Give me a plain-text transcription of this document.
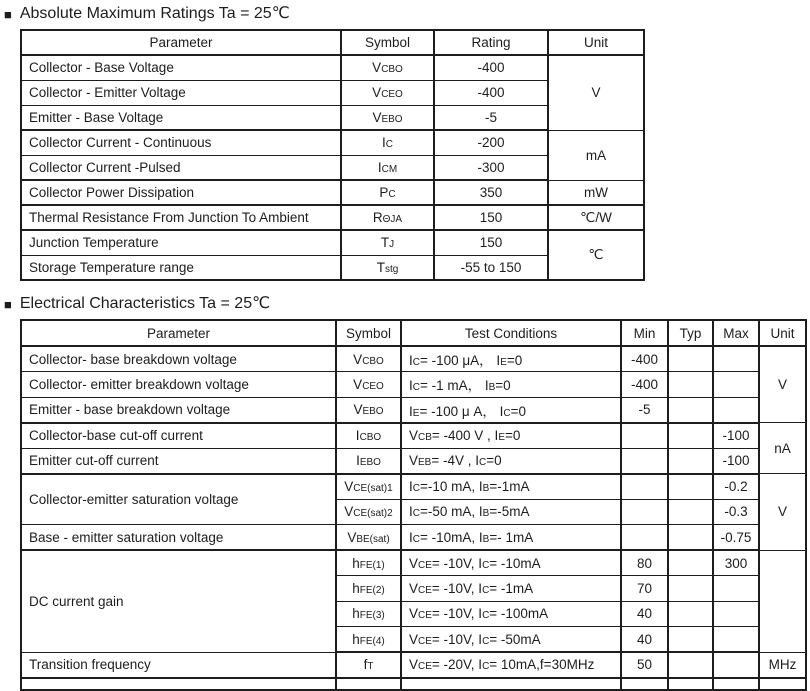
■ Absolute Maximum Ratings Ta = 25℃
Parameter	Symbol	Rating	Unit
Collector - Base Voltage	VCBO	-400	V
Collector - Emitter Voltage	VCEO	-400	
Emitter - Base Voltage	VEBO	-5	
Collector Current - Continuous	IC	-200	mA
Collector Current -Pulsed	ICM	-300	
Collector Power Dissipation	PC	350	mW
Thermal Resistance From Junction To Ambient	RΘJA	150	℃/W
Junction Temperature	TJ	150	℃
Storage Temperature range	Tstg	-55 to 150	
■ Electrical Characteristics Ta = 25℃
Parameter	Symbol	Test Conditions	Min	Typ	Max	Unit
Collector- base breakdown voltage	VCBO	IC= -100 μA， IE=0	-400			V
Collector- emitter breakdown voltage	VCEO	IC= -1 mA， IB=0	-400			
Emitter - base breakdown voltage	VEBO	IE= -100 μ A， IC=0	-5			
Collector-base cut-off current	ICBO	VCB= -400 V , IE=0			-100	nA
Emitter cut-off current	IEBO	VEB= -4V , IC=0			-100	
Collector-emitter saturation voltage	VCE(sat)1	IC=-10 mA, IB=-1mA			-0.2	V
	VCE(sat)2	IC=-50 mA, IB=-5mA			-0.3	
Base - emitter saturation voltage	VBE(sat)	IC= -10mA, IB=- 1mA			-0.75	
DC current gain	hFE(1)	VCE= -10V, IC= -10mA	80		300	
	hFE(2)	VCE= -10V, IC= -1mA	70			
	hFE(3)	VCE= -10V, IC= -100mA	40			
	hFE(4)	VCE= -10V, IC= -50mA	40			
Transition frequency	fT	VCE= -20V, IC= 10mA,f=30MHz	50			MHz
